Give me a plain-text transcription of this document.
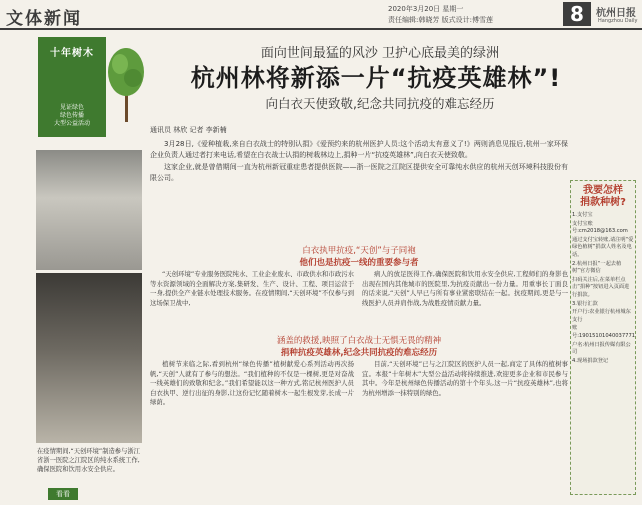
文体新闻	2020年3月20日 星期一
责任编辑:韩晓芳 版式设计:傅雪莲	8	杭州日报
Hangzhou Daily
十年树木
见证绿色
绿色传播
大型公益活动
面向世间最猛的风沙 卫护心底最美的绿洲
杭州林将新添一片“抗疫英雄林”!
向白衣天使致敬,纪念共同抗疫的难忘经历
通讯员 林欣 记者 李新楠

3月28日,《爱种植栽,来自白衣战士的特别认捐》《爱预约来的杭州医护人员:这个活动太有意义了!》两则消息见报后,杭州一家环保企业负责人通过者打来电话,希望在白衣战士认捐的树栽林边上,捐种一片“抗疫英雄林”,向白衣天使致敬。

这家企业,就是曾借期间一直为杭州新冠重症患者提供医院——浙一医院之江院区提供安全可靠纯水供应的杭州天创环境科技股份有限公司。

在疫情期间,“天创环境”制造参与浙江省浙一医院之江院区的纯水系统工作,确保医院和饮用水安全供应。
白衣执甲抗疫,“天创”与子同袍
他们也是抗疫一线的重要参与者

“天创环境”专业服务医院纯水、工业企业废水、市政供水和市政污水等水资源领域的全面解决方案,集研发、生产、设计、工程、项目运营于一身,提供全产业链水处理技术服务。在疫情期间,“天创环境”不仅参与到这场保卫战中,

病人的放足医得工作,确保医院和饮用水安全供应,工程师们的身影也出现在国内其他城市的医院里,为抗疫贡献出一份力量。用重事长丁面良的话来说,“天创”人早已与所有事业紧密联结在一起。抗疫期间,更是与一线医护人员并肩作战,为战胜疫情贡献力量。

涵盖的救援,映照了白衣战士无惧无畏的精神
捐种抗疫英雄林,纪念共同抗疫的难忘经历

植树节来临之际,看到杭州“绿色传播”植树献爱心系列活动再次扬帆,“天创”人就有了参与的想法。“我们植种的不仅是一棵树,更是对奋战一线英雄们的致敬和纪念。”我们希望能以这一种方式,铭记杭州医护人员白衣执甲、逆行出征的身影,让这份记忆随着树木一起生根发芽,长成一片绿荫。

目前,“天创环境”已与之江院区的医护人员一起,商定了具体的植树事宜。本报“十年树木”大型公益活动将持续推进,欢迎更多企业和市民参与其中。今年是杭州绿色传播活动的第十个年头,这一片“抗疫英雄林”,也将为杭州增添一抹特别的绿色。

我要怎样
捐款种树?

1.支付宝

支付宝账号:cm2018@163.com

通过支付宝转账,请注明“爱绿色植树”捐款人姓名及电话。

2.杭州日报“一起去植树”官方微信

扫码关注后,在菜单栏点击“捐种”按钮进入页面进行捐款。

3.银行汇款

开户行:农业银行杭州城东支行

账号:19015101040037771

户名:杭州日报传媒有限公司

4.现场捐款登记

看看
